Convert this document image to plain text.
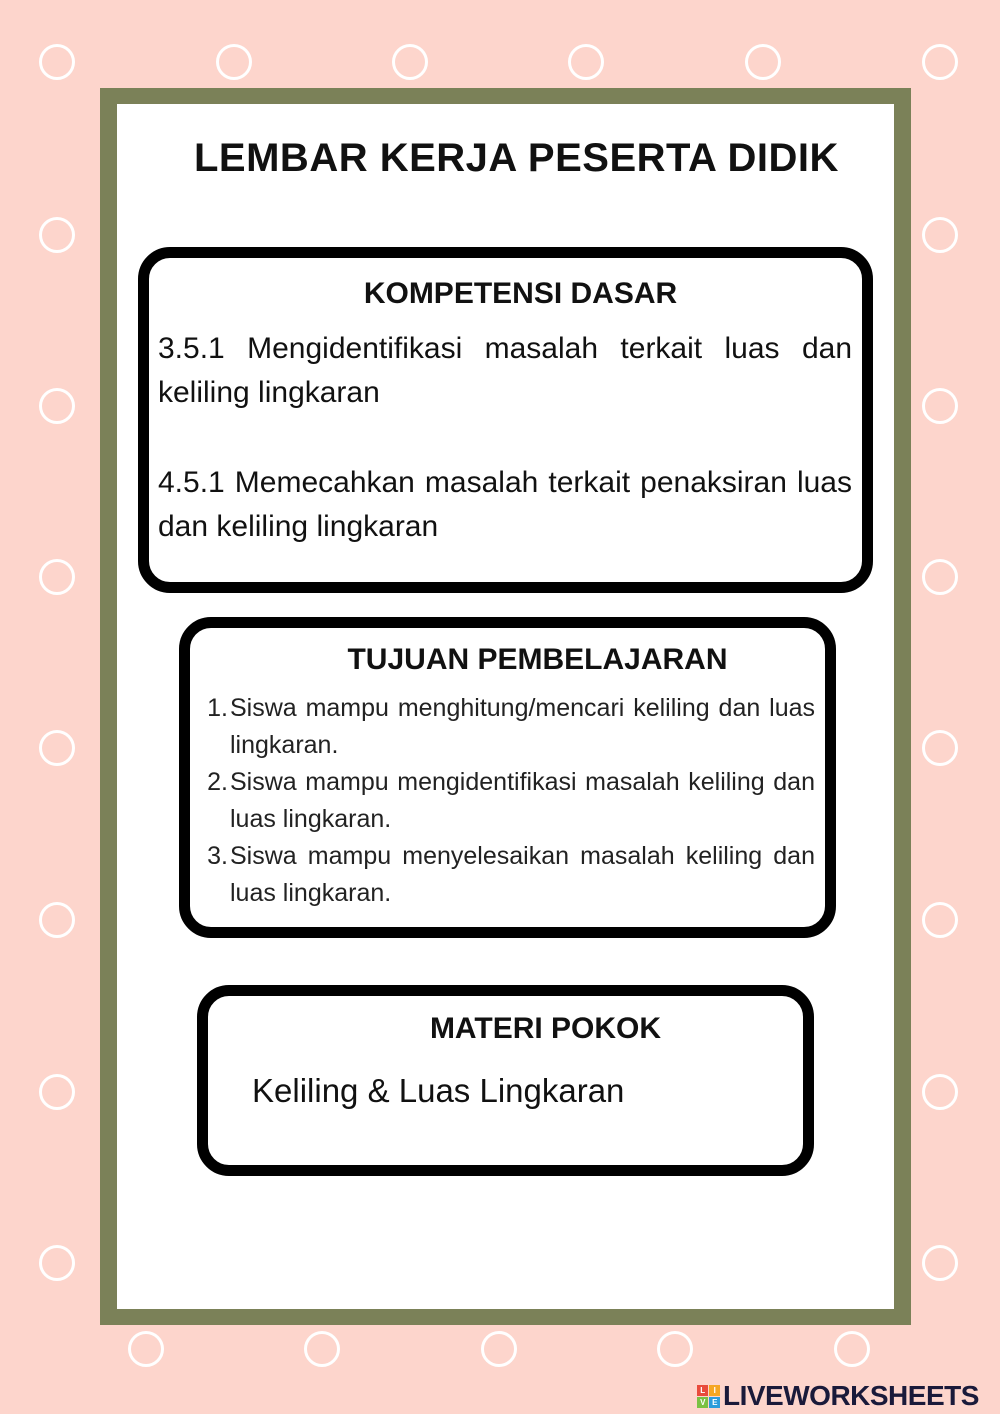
LEMBAR KERJA PESERTA DIDIK
KOMPETENSI DASAR
3.5.1 Mengidentifikasi masalah terkait luas dan keliling lingkaran
4.5.1 Memecahkan masalah terkait penaksiran luas dan keliling lingkaran
TUJUAN PEMBELAJARAN
1. Siswa mampu menghitung/mencari keliling dan luas lingkaran.
2. Siswa mampu mengidentifikasi masalah keliling dan luas lingkaran.
3. Siswa mampu menyelesaikan masalah keliling dan luas lingkaran.
MATERI POKOK
Keliling & Luas Lingkaran
L	I
V E LIVEWORKSHEETS
